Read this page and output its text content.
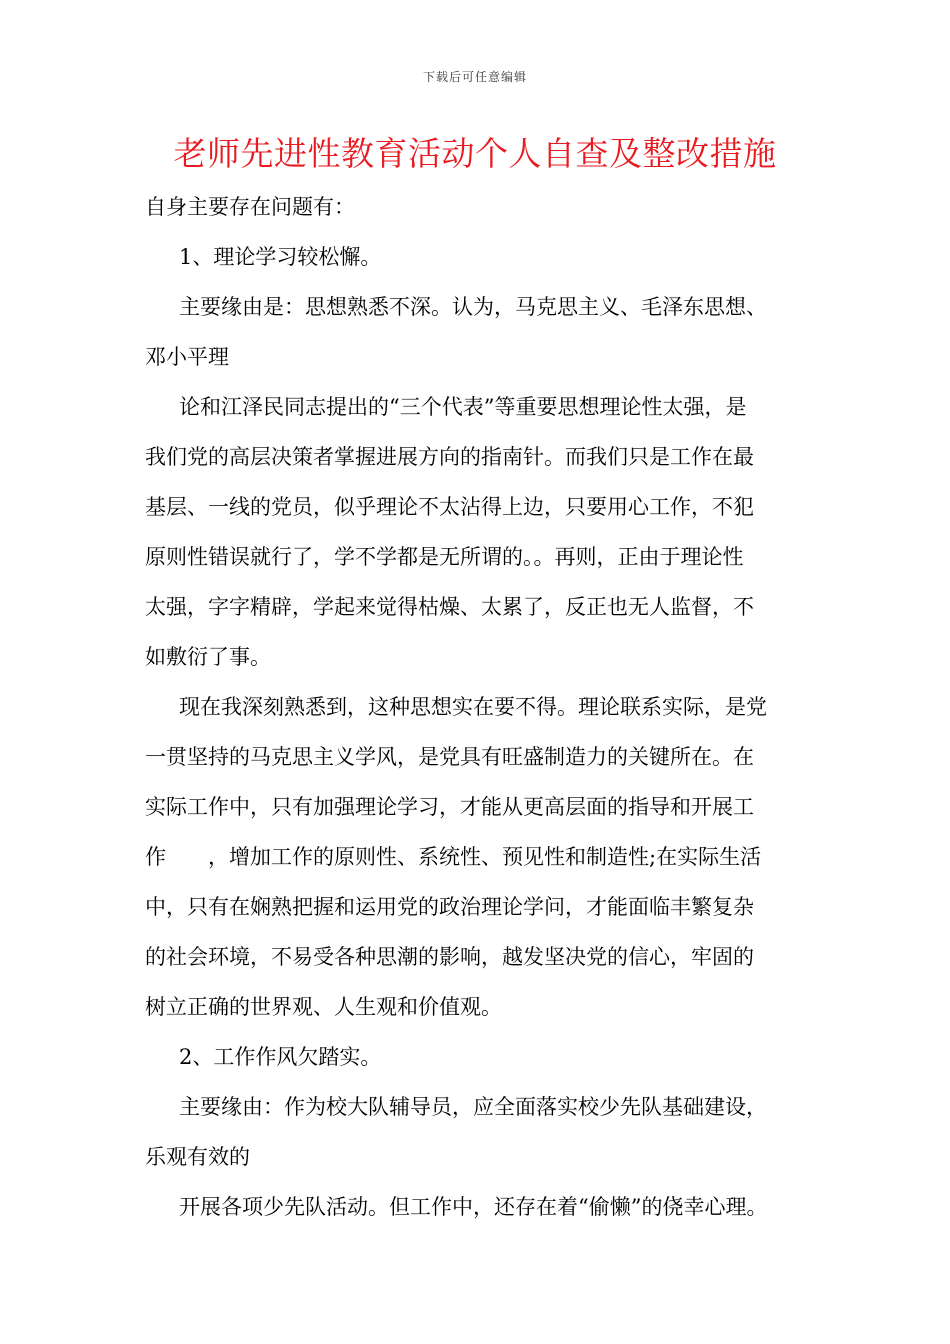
下载后可任意编辑
老师先进性教育活动个人自查及整改措施
自身主要存在问题有：
1、理论学习较松懈。
主要缘由是：思想熟悉不深。认为，马克思主义、毛泽东思想、
邓小平理
论和江泽民同志提出的“三个代表”等重要思想理论性太强，是
我们党的高层决策者掌握进展方向的指南针。而我们只是工作在最
基层、一线的党员，似乎理论不太沾得上边，只要用心工作，不犯
原则性错误就行了，学不学都是无所谓的。。再则，正由于理论性
太强，字字精辟，学起来觉得枯燥、太累了，反正也无人监督，不
如敷衍了事。
现在我深刻熟悉到，这种思想实在要不得。理论联系实际，是党
一贯坚持的马克思主义学风，是党具有旺盛制造力的关键所在。在
实际工作中，只有加强理论学习，才能从更高层面的指导和开展工
作　　，增加工作的原则性、系统性、预见性和制造性;在实际生活
中，只有在娴熟把握和运用党的政治理论学问，才能面临丰繁复杂
的社会环境，不易受各种思潮的影响，越发坚决党的信心，牢固的
树立正确的世界观、人生观和价值观。
2、工作作风欠踏实。
主要缘由：作为校大队辅导员，应全面落实校少先队基础建设，
乐观有效的
开展各项少先队活动。但工作中，还存在着“偷懒”的侥幸心理。
